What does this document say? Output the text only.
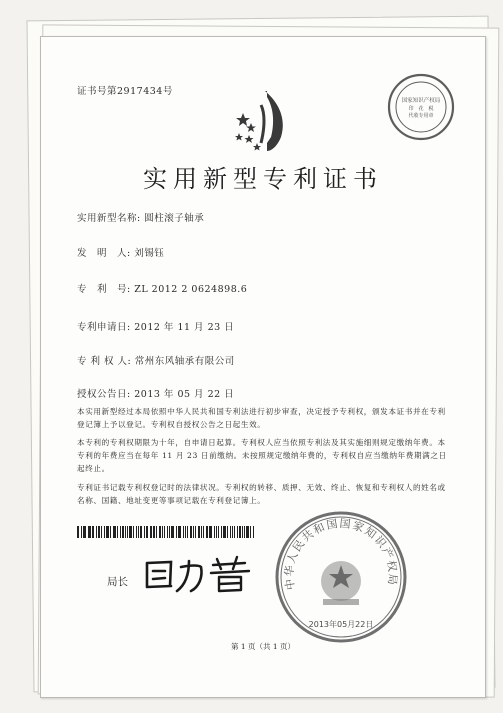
证书号第2917434号
国家知识产权局
印　花　税
代收专用章
实用新型专利证书
实用新型名称: 圆柱滚子轴承
发　明　人: 刘锡钰
专　利　号: ZL 2012 2 0624898.6
专利申请日: 2012 年 11 月 23 日
专 利 权 人: 常州东风轴承有限公司
授权公告日: 2013 年 05 月 22 日
本实用新型经过本局依照中华人民共和国专利法进行初步审查，决定授予专利权，颁发本证书并在专利登记簿上予以登记。专利权自授权公告之日起生效。
本专利的专利权期限为十年，自申请日起算。专利权人应当依照专利法及其实施细则规定缴纳年费。本专利的年费应当在每年 11 月 23 日前缴纳。未按照规定缴纳年费的，专利权自应当缴纳年费期满之日起终止。
专利证书记载专利权登记时的法律状况。专利权的转移、质押、无效、终止、恢复和专利权人的姓名或名称、国籍、地址变更等事项记载在专利登记簿上。
局长	中华人民共和国国家知识产权局
2013年05月22日
第 1 页（共 1 页）
